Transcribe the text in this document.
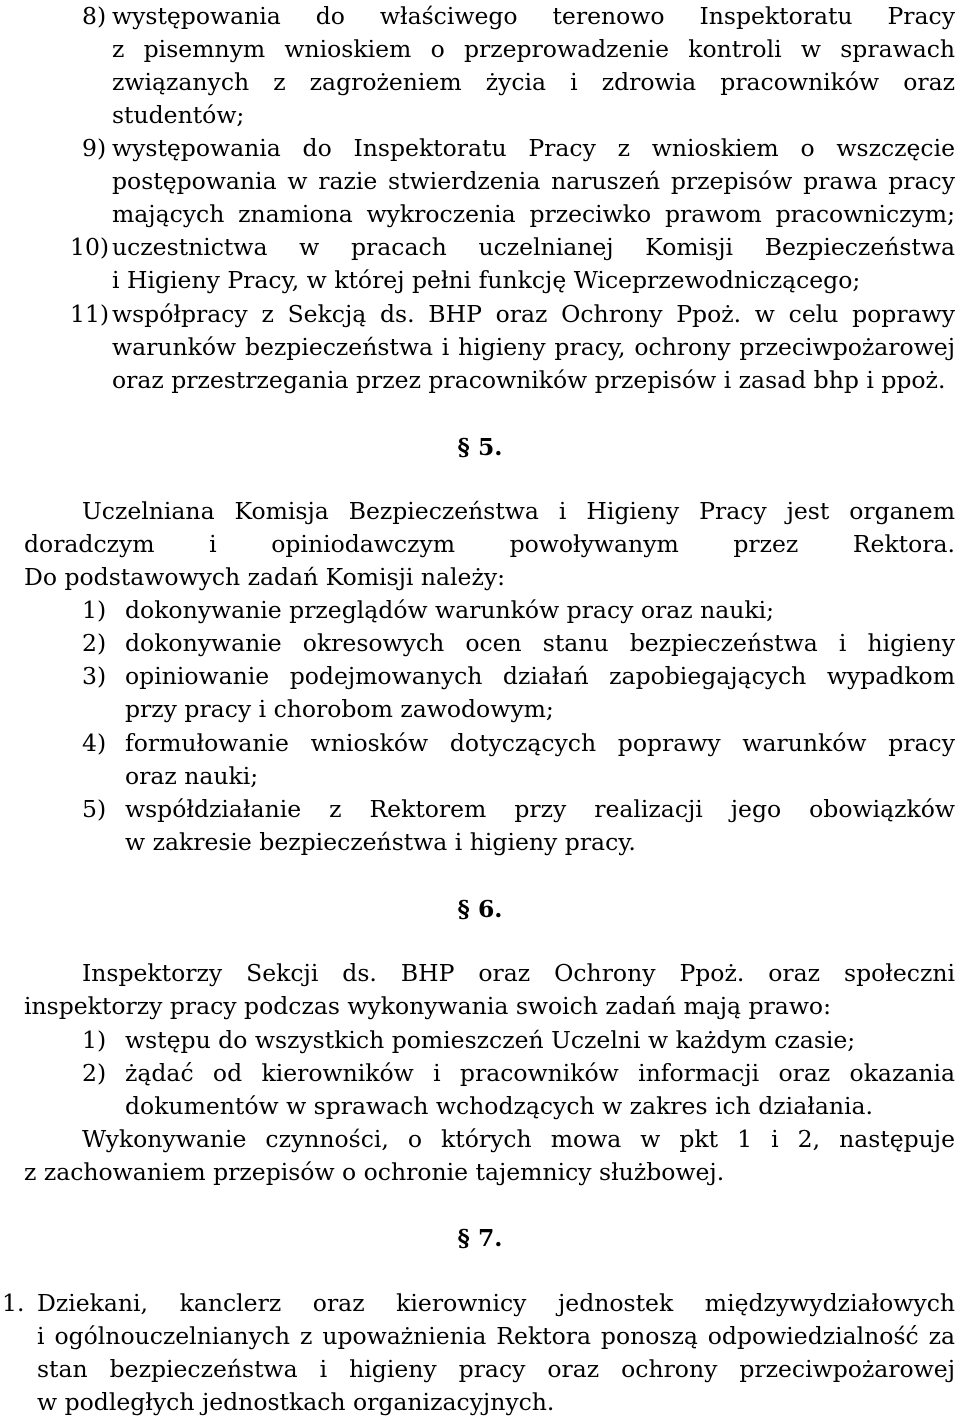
8) występowania do właściwego terenowo Inspektoratu Pracy
z pisemnym wnioskiem o przeprowadzenie kontroli w sprawach
związanych z zagrożeniem życia i zdrowia pracowników oraz
studentów;
9) występowania do Inspektoratu Pracy z wnioskiem o wszczęcie
postępowania w razie stwierdzenia naruszeń przepisów prawa pracy
mających znamiona wykroczenia przeciwko prawom pracowniczym;
10) uczestnictwa w pracach uczelnianej Komisji Bezpieczeństwa
i Higieny Pracy, w której pełni funkcję Wiceprzewodniczącego;
11) współpracy z Sekcją ds. BHP oraz Ochrony Ppoż. w celu poprawy
warunków bezpieczeństwa i higieny pracy, ochrony przeciwpożarowej
oraz przestrzegania przez pracowników przepisów i zasad bhp i ppoż.
§ 5.
Uczelniana Komisja Bezpieczeństwa i Higieny Pracy jest organem
doradczym i opiniodawczym powoływanym przez Rektora.
Do podstawowych zadań Komisji należy:
1) dokonywanie przeglądów warunków pracy oraz nauki;
2) dokonywanie okresowych ocen stanu bezpieczeństwa i higieny
3) opiniowanie podejmowanych działań zapobiegających wypadkom
przy pracy i chorobom zawodowym;
4) formułowanie wniosków dotyczących poprawy warunków pracy
oraz nauki;
5) współdziałanie z Rektorem przy realizacji jego obowiązków
w zakresie bezpieczeństwa i higieny pracy.
§ 6.
Inspektorzy Sekcji ds. BHP oraz Ochrony Ppoż. oraz społeczni
inspektorzy pracy podczas wykonywania swoich zadań mają prawo:
1) wstępu do wszystkich pomieszczeń Uczelni w każdym czasie;
2) żądać od kierowników i pracowników informacji oraz okazania
dokumentów w sprawach wchodzących w zakres ich działania.
Wykonywanie czynności, o których mowa w pkt 1 i 2, następuje
z zachowaniem przepisów o ochronie tajemnicy służbowej.
§ 7.
1. Dziekani, kanclerz oraz kierownicy jednostek międzywydziałowych
i ogólnouczelnianych z upoważnienia Rektora ponoszą odpowiedzialność za
stan bezpieczeństwa i higieny pracy oraz ochrony przeciwpożarowej
w podległych jednostkach organizacyjnych.
